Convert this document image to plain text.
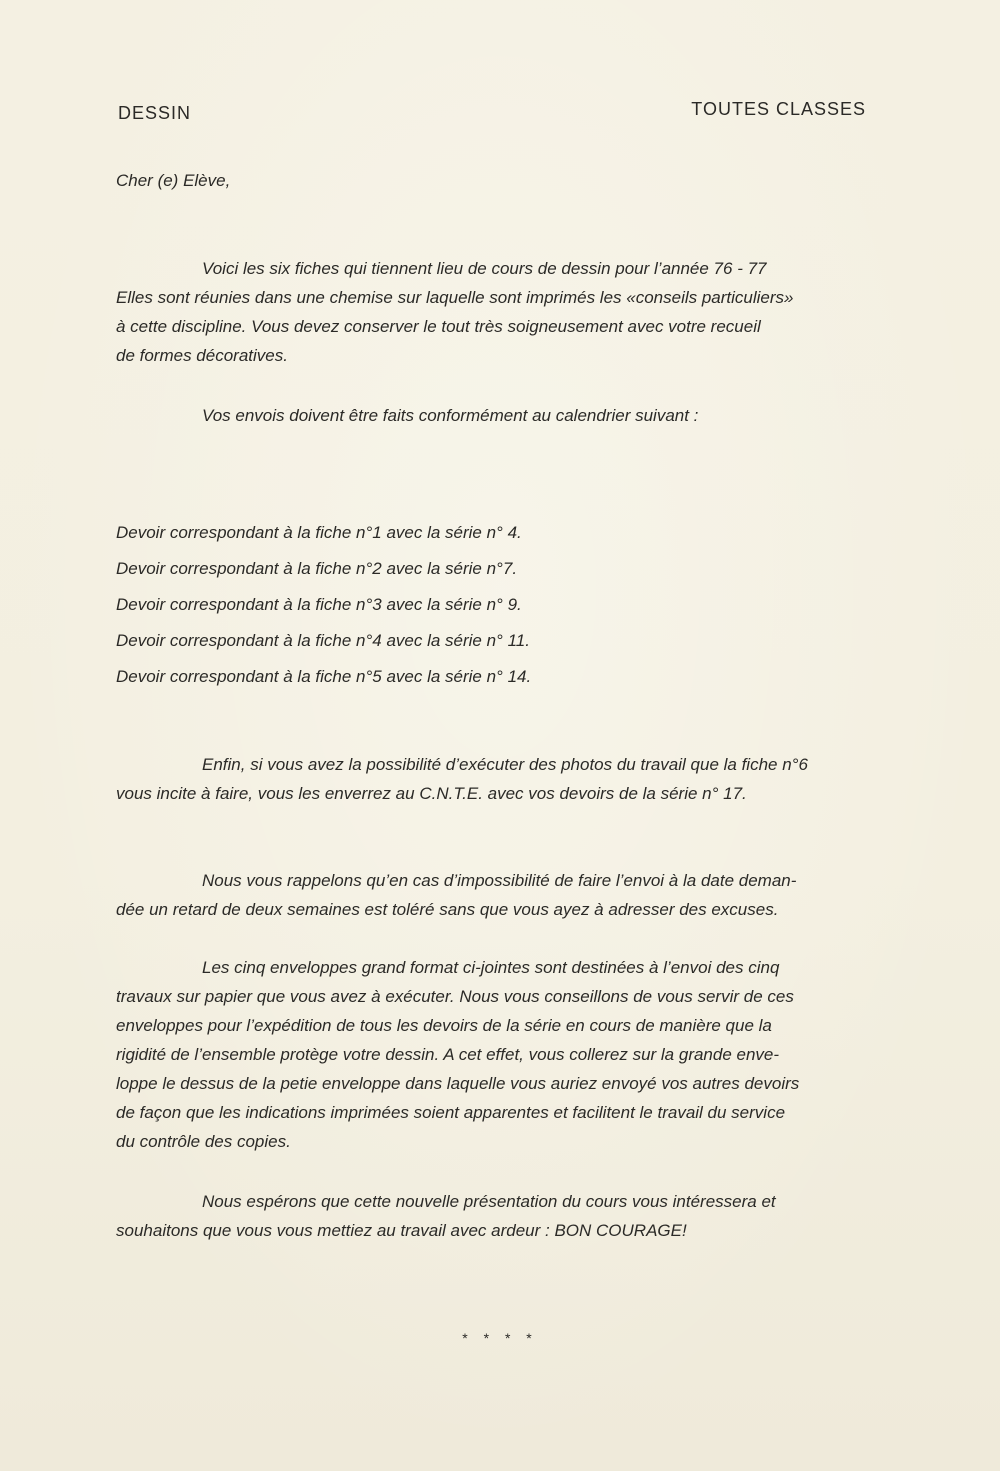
DESSIN	TOUTES CLASSES
Cher (e) Elève,
Voici les six fiches qui tiennent lieu de cours de dessin pour l’année 76 - 77
Elles sont réunies dans une chemise sur laquelle sont imprimés les «conseils particuliers»
à cette discipline. Vous devez conserver le tout très soigneusement avec votre recueil
de formes décoratives.
Vos envois doivent être faits conformément au calendrier suivant :
Devoir correspondant à la fiche n°1 avec la série n° 4.
Devoir correspondant à la fiche n°2 avec la série n°7.
Devoir correspondant à la fiche n°3 avec la série n° 9.
Devoir correspondant à la fiche n°4 avec la série n° 11.
Devoir correspondant à la fiche n°5 avec la série n° 14.
Enfin, si vous avez la possibilité d’exécuter des photos du travail que la fiche n°6
vous incite à faire, vous les enverrez au C.N.T.E. avec vos devoirs de la série n° 17.
Nous vous rappelons qu’en cas d’impossibilité de faire l’envoi à la date deman-
dée un retard de deux semaines est toléré sans que vous ayez à adresser des excuses.
Les cinq enveloppes grand format ci-jointes sont destinées à l’envoi des cinq
travaux sur papier que vous avez à exécuter. Nous vous conseillons de vous servir de ces
enveloppes pour l’expédition de tous les devoirs de la série en cours de manière que la
rigidité de l’ensemble protège votre dessin. A cet effet, vous collerez sur la grande enve-
loppe le dessus de la petie enveloppe dans laquelle vous auriez envoyé vos autres devoirs
de façon que les indications imprimées soient apparentes et facilitent le travail du service
du contrôle des copies.
Nous espérons que cette nouvelle présentation du cours vous intéressera et
souhaitons que vous vous mettiez au travail avec ardeur : BON COURAGE!
* * * *
